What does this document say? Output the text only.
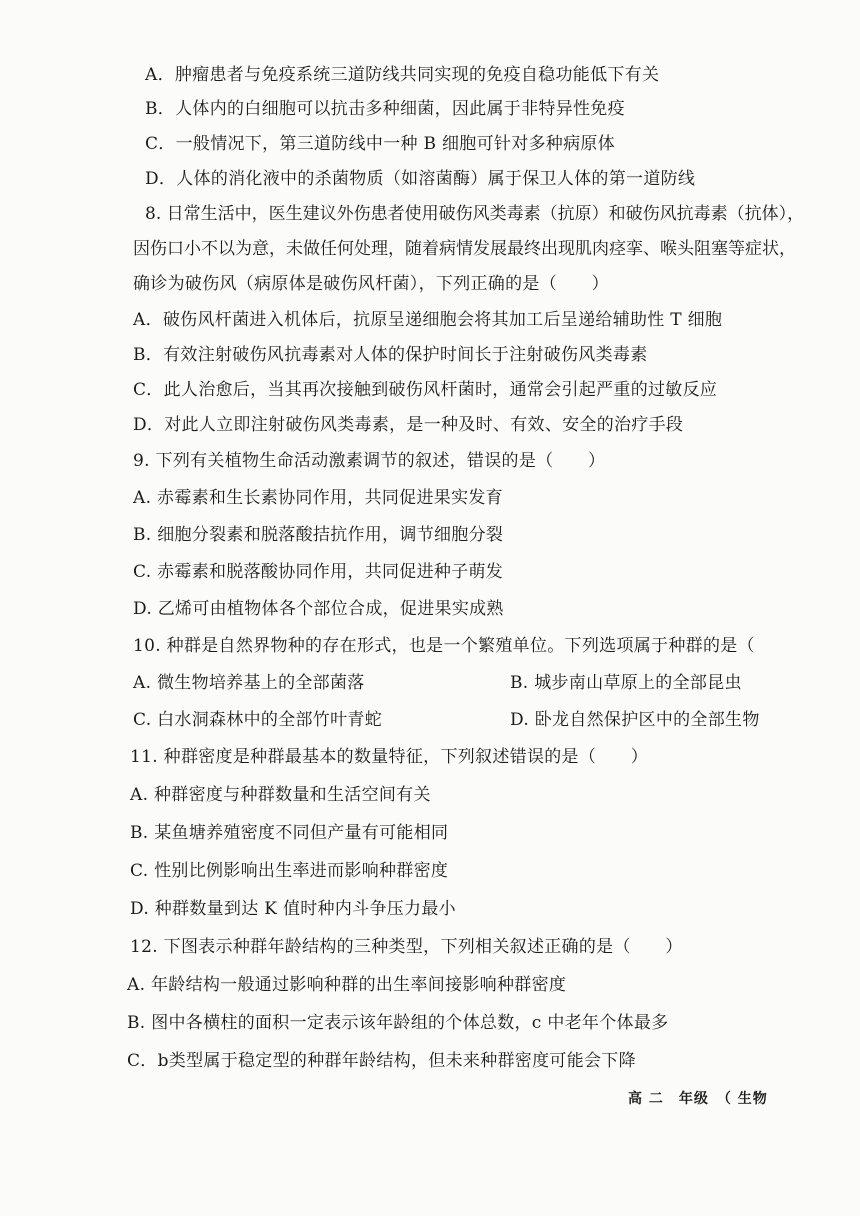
A．肿瘤患者与免疫系统三道防线共同实现的免疫自稳功能低下有关
B．人体内的白细胞可以抗击多种细菌，因此属于非特异性免疫
C．一般情况下，第三道防线中一种 B 细胞可针对多种病原体
D．人体的消化液中的杀菌物质（如溶菌酶）属于保卫人体的第一道防线
8. 日常生活中，医生建议外伤患者使用破伤风类毒素（抗原）和破伤风抗毒素（抗体），
因伤口小不以为意，未做任何处理，随着病情发展最终出现肌肉痉挛、喉头阻塞等症状，
确诊为破伤风（病原体是破伤风杆菌），下列正确的是（　　）
A．破伤风杆菌进入机体后，抗原呈递细胞会将其加工后呈递给辅助性 T 细胞
B．有效注射破伤风抗毒素对人体的保护时间长于注射破伤风类毒素
C．此人治愈后，当其再次接触到破伤风杆菌时，通常会引起严重的过敏反应
D．对此人立即注射破伤风类毒素，是一种及时、有效、安全的治疗手段
9. 下列有关植物生命活动激素调节的叙述，错误的是（　　）
A. 赤霉素和生长素协同作用，共同促进果实发育
B. 细胞分裂素和脱落酸拮抗作用，调节细胞分裂
C. 赤霉素和脱落酸协同作用，共同促进种子萌发
D. 乙烯可由植物体各个部位合成，促进果实成熟
10. 种群是自然界物种的存在形式，也是一个繁殖单位。下列选项属于种群的是（
A. 微生物培养基上的全部菌落	B. 城步南山草原上的全部昆虫
C. 白水洞森林中的全部竹叶青蛇	D. 卧龙自然保护区中的全部生物
11. 种群密度是种群最基本的数量特征，下列叙述错误的是（　　）
A. 种群密度与种群数量和生活空间有关
B. 某鱼塘养殖密度不同但产量有可能相同
C. 性别比例影响出生率进而影响种群密度
D. 种群数量到达 K 值时种内斗争压力最小
12. 下图表示种群年龄结构的三种类型，下列相关叙述正确的是（　　）
A. 年龄结构一般通过影响种群的出生率间接影响种群密度
B. 图中各横柱的面积一定表示该年龄组的个体总数，c 中老年个体最多
C．b类型属于稳定型的种群年龄结构，但未来种群密度可能会下降
高 二　年级　（ 生物
